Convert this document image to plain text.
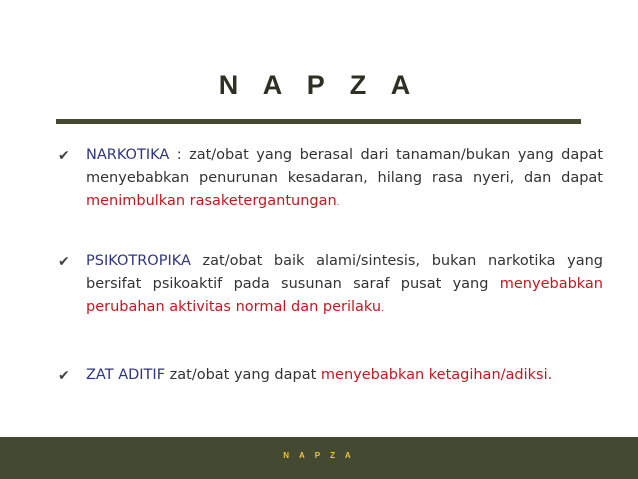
N A P Z A
✔	NARKOTIKA : zat/obat yang berasal dari tanaman/bukan yang dapat menyebabkan penurunan kesadaran, hilang rasa nyeri, dan dapat menimbulkan rasaketergantungan.
✔	PSIKOTROPIKA zat/obat baik alami/sintesis, bukan narkotika yang bersifat psikoaktif pada susunan saraf pusat yang menyebabkan perubahan aktivitas normal dan perilaku.
✔	ZAT ADITIF zat/obat yang dapat menyebabkan ketagihan/adiksi.
N A P Z A
